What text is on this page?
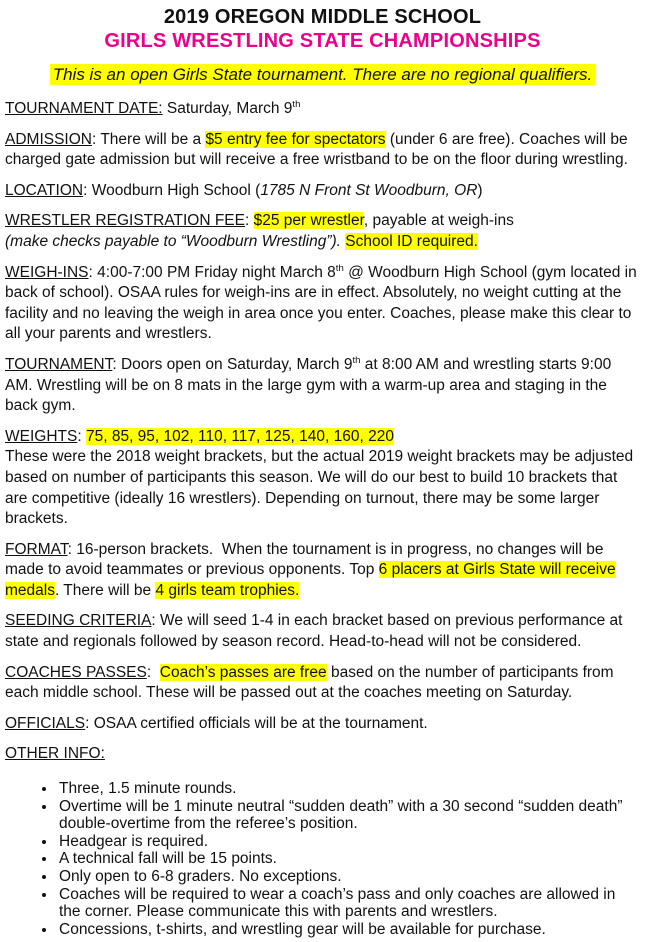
2019 OREGON MIDDLE SCHOOL
GIRLS WRESTLING STATE CHAMPIONSHIPS
This is an open Girls State tournament. There are no regional qualifiers.

TOURNAMENT DATE: Saturday, March 9th

ADMISSION: There will be a $5 entry fee for spectators (under 6 are free). Coaches will be charged gate admission but will receive a free wristband to be on the floor during wrestling.

LOCATION: Woodburn High School (1785 N Front St Woodburn, OR)

WRESTLER REGISTRATION FEE: $25 per wrestler, payable at weigh-ins
(make checks payable to “Woodburn Wrestling”). School ID required.

WEIGH-INS: 4:00-7:00 PM Friday night March 8th @ Woodburn High School (gym located in back of school). OSAA rules for weigh-ins are in effect. Absolutely, no weight cutting at the facility and no leaving the weigh in area once you enter. Coaches, please make this clear to all your parents and wrestlers.

TOURNAMENT: Doors open on Saturday, March 9th at 8:00 AM and wrestling starts 9:00 AM. Wrestling will be on 8 mats in the large gym with a warm-up area and staging in the back gym.

WEIGHTS: 75, 85, 95, 102, 110, 117, 125, 140, 160, 220
These were the 2018 weight brackets, but the actual 2019 weight brackets may be adjusted based on number of participants this season. We will do our best to build 10 brackets that are competitive (ideally 16 wrestlers). Depending on turnout, there may be some larger brackets.

FORMAT: 16-person brackets.  When the tournament is in progress, no changes will be made to avoid teammates or previous opponents. Top 6 placers at Girls State will receive medals. There will be 4 girls team trophies.

SEEDING CRITERIA: We will seed 1-4 in each bracket based on previous performance at state and regionals followed by season record. Head-to-head will not be considered.

COACHES PASSES:  Coach’s passes are free based on the number of participants from each middle school. These will be passed out at the coaches meeting on Saturday.

OFFICIALS: OSAA certified officials will be at the tournament.

OTHER INFO:

• Three, 1.5 minute rounds.
• Overtime will be 1 minute neutral “sudden death” with a 30 second “sudden death” double-overtime from the referee’s position.
• Headgear is required.
• A technical fall will be 15 points.
• Only open to 6-8 graders. No exceptions.
• Coaches will be required to wear a coach’s pass and only coaches are allowed in the corner. Please communicate this with parents and wrestlers.
• Concessions, t-shirts, and wrestling gear will be available for purchase.
